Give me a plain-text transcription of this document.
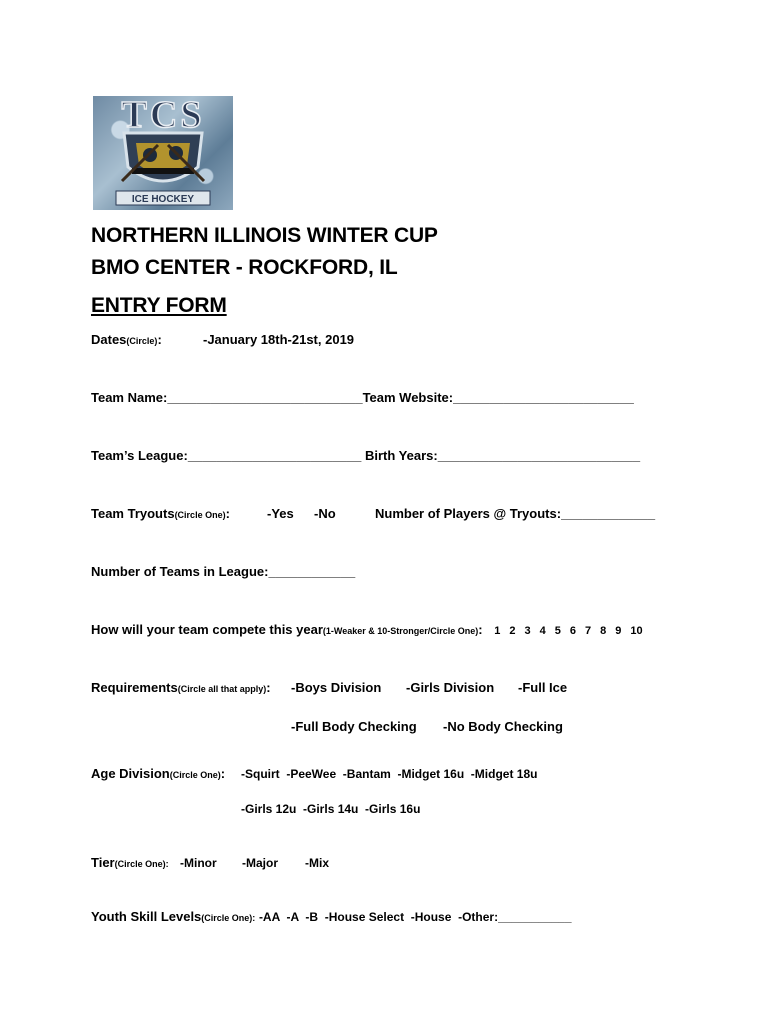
TCS
ICE HOCKEY
NORTHERN ILLINOIS WINTER CUP
BMO CENTER - ROCKFORD, IL
ENTRY FORM
Dates(Circle):	-January 18th-21st, 2019
Team Name:___________________________Team Website:_________________________
Team’s League:________________________ Birth Years:____________________________
Team Tryouts(Circle One):	-Yes -No	Number of Players @ Tryouts:_____________
Number of Teams in League:____________
How will your team compete this year(1-Weaker & 10-Stronger/Circle One): 1 2 3 4 5 6 7 8 9 10
Requirements(Circle all that apply): -Boys Division -Girls Division -Full Ice
-Full Body Checking -No Body Checking
Age Division(Circle One): -Squirt  -PeeWee  -Bantam  -Midget 16u  -Midget 18u
-Girls 12u  -Girls 14u  -Girls 16u
Tier(Circle One): -Minor -Major -Mix
Youth Skill Levels(Circle One): -AA  -A  -B  -House Select  -House  -Other:___________
